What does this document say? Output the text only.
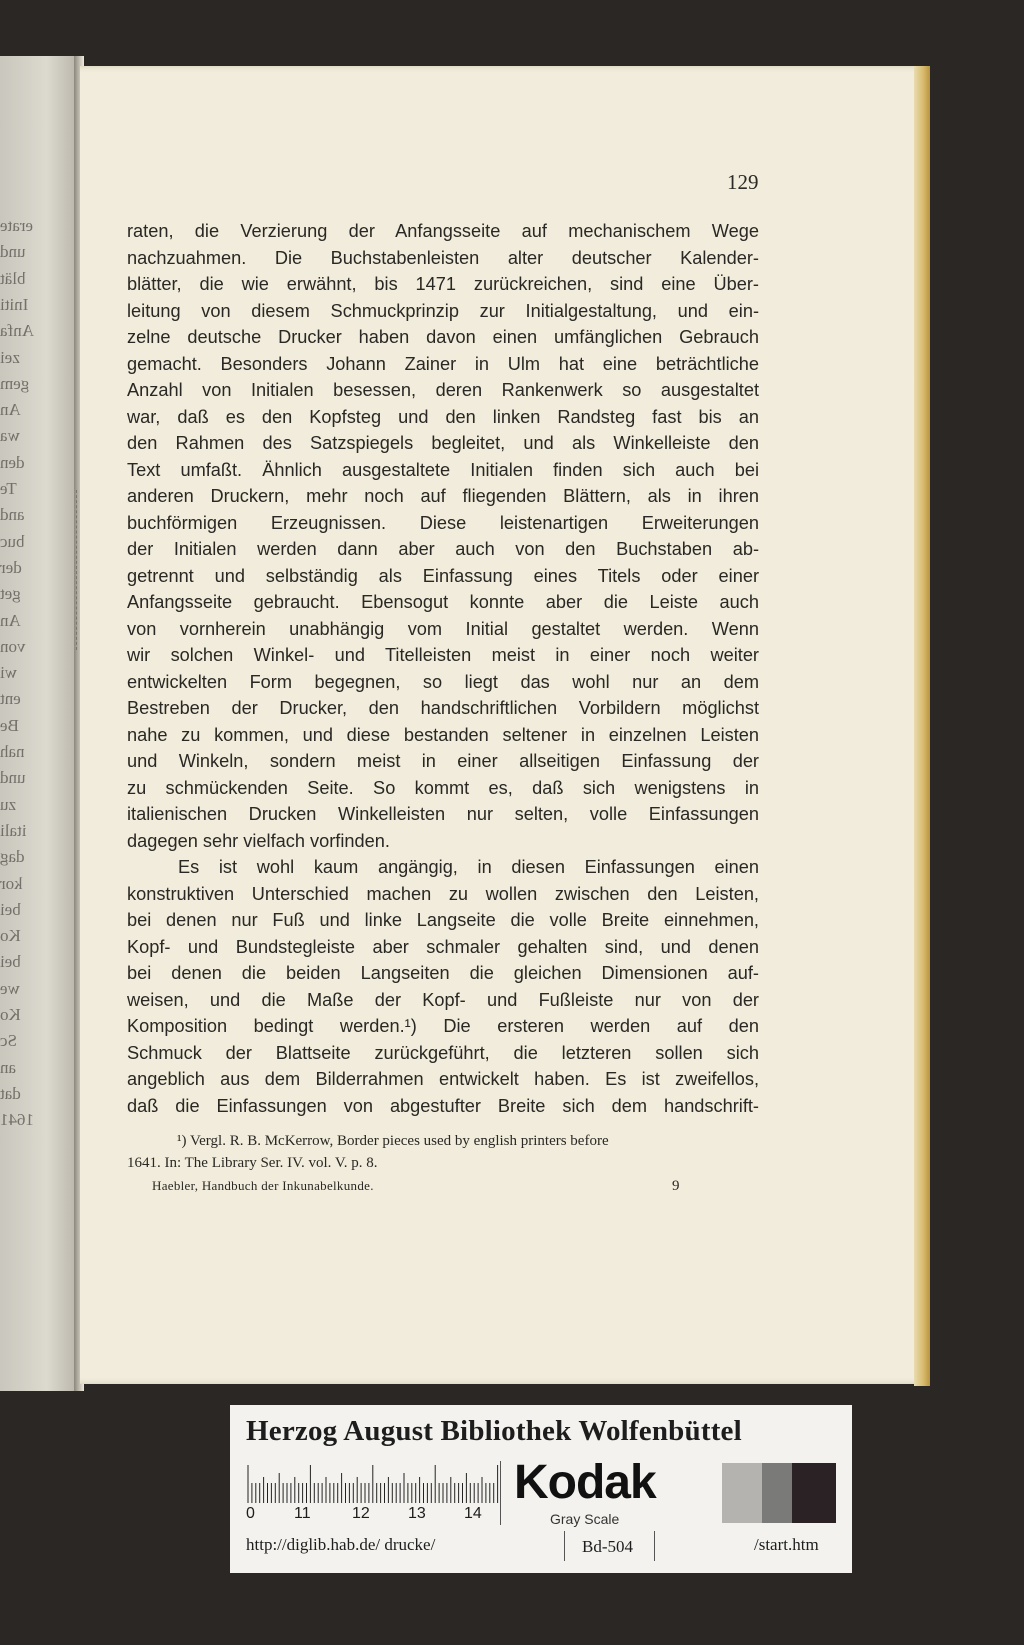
erate
und
blät
Initi
Anfa
zei
gem
An
wa
den
Te
and
buc
der
get
An
von
wi
ent
Be
nah
und
zu
itali
dag
kor
bei
Ko
bei
we
Ko
Sc
an
dat
1641
129
raten, die Verzierung der Anfangsseite auf mechanischem Wege
nachzuahmen. Die Buchstabenleisten alter deutscher Kalender-
blätter, die wie erwähnt, bis 1471 zurückreichen, sind eine Über-
leitung von diesem Schmuckprinzip zur Initialgestaltung, und ein-
zelne deutsche Drucker haben davon einen umfänglichen Gebrauch
gemacht. Besonders Johann Zainer in Ulm hat eine beträchtliche
Anzahl von Initialen besessen, deren Rankenwerk so ausgestaltet
war, daß es den Kopfsteg und den linken Randsteg fast bis an
den Rahmen des Satzspiegels begleitet, und als Winkelleiste den
Text umfaßt. Ähnlich ausgestaltete Initialen finden sich auch bei
anderen Druckern, mehr noch auf fliegenden Blättern, als in ihren
buchförmigen Erzeugnissen. Diese leistenartigen Erweiterungen
der Initialen werden dann aber auch von den Buchstaben ab-
getrennt und selbständig als Einfassung eines Titels oder einer
Anfangsseite gebraucht. Ebensogut konnte aber die Leiste auch
von vornherein unabhängig vom Initial gestaltet werden. Wenn
wir solchen Winkel- und Titelleisten meist in einer noch weiter
entwickelten Form begegnen, so liegt das wohl nur an dem
Bestreben der Drucker, den handschriftlichen Vorbildern möglichst
nahe zu kommen, und diese bestanden seltener in einzelnen Leisten
und Winkeln, sondern meist in einer allseitigen Einfassung der
zu schmückenden Seite. So kommt es, daß sich wenigstens in
italienischen Drucken Winkelleisten nur selten, volle Einfassungen
dagegen sehr vielfach vorfinden.
Es ist wohl kaum angängig, in diesen Einfassungen einen
konstruktiven Unterschied machen zu wollen zwischen den Leisten,
bei denen nur Fuß und linke Langseite die volle Breite einnehmen,
Kopf- und Bundstegleiste aber schmaler gehalten sind, und denen
bei denen die beiden Langseiten die gleichen Dimensionen auf-
weisen, und die Maße der Kopf- und Fußleiste nur von der
Komposition bedingt werden.¹) Die ersteren werden auf den
Schmuck der Blattseite zurückgeführt, die letzteren sollen sich
angeblich aus dem Bilderrahmen entwickelt haben. Es ist zweifellos,
daß die Einfassungen von abgestufter Breite sich dem handschrift-
¹) Vergl. R. B. McKerrow, Border pieces used by english printers before
1641. In: The Library Ser. IV. vol. V. p. 8.
Haebler, Handbuch der Inkunabelkunde.	9
Herzog August Bibliothek Wolfenbüttel
0 11	12 13 14
Kodak
Gray Scale
http://diglib.hab.de/ drucke/	Bd-504	/start.htm
